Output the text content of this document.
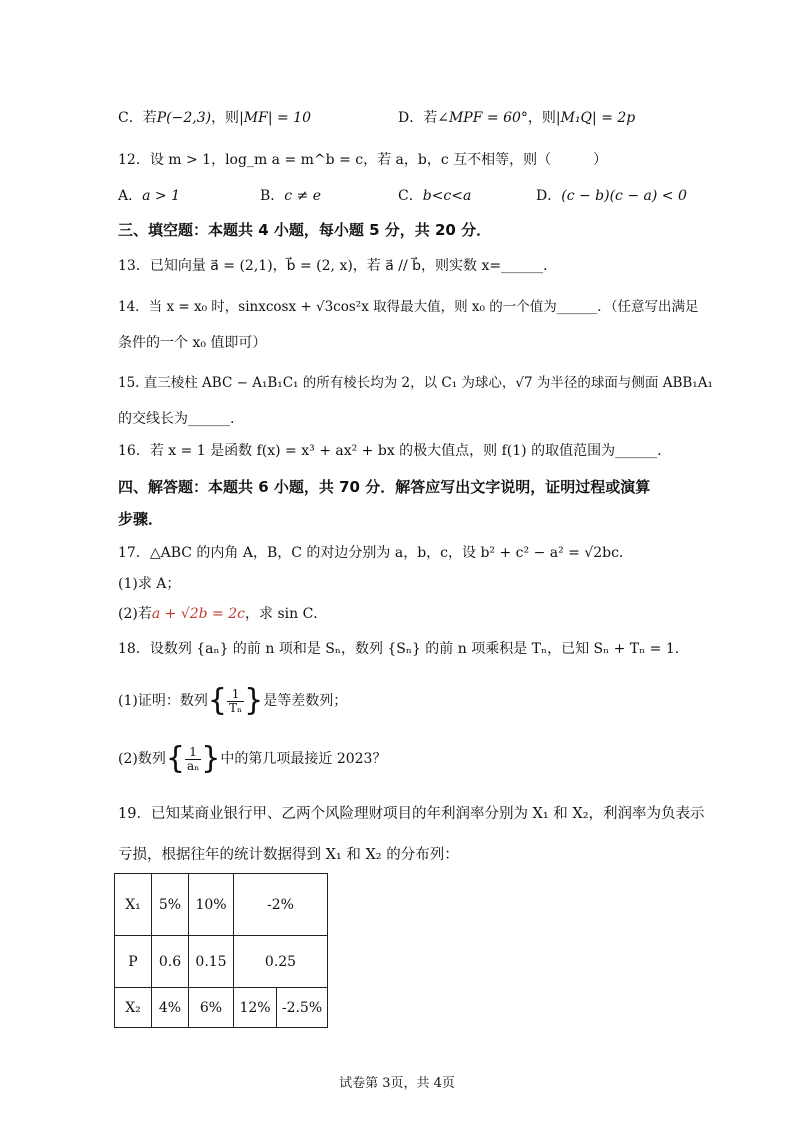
C．若P(−2,3)，则|MF| = 10	D．若∠MPF = 60°，则|M₁Q| = 2p
12．设 m > 1，log_m a = m^b = c，若 a，b，c 互不相等，则（　　　）
A．a > 1	B．c ≠ e	C．b<c<a	D．(c − b)(c − a) < 0
三、填空题：本题共 4 小题，每小题 5 分，共 20 分．
13．已知向量 a⃗ = (2,1)，b⃗ = (2, x)，若 a⃗ // b⃗，则实数 x=______．
14．当 x = x₀ 时，sinxcosx + √3cos²x 取得最大值，则 x₀ 的一个值为______．（任意写出满足
条件的一个 x₀ 值即可）
15. 直三棱柱 ABC − A₁B₁C₁ 的所有棱长均为 2，以 C₁ 为球心，√7 为半径的球面与侧面 ABB₁A₁
的交线长为______.
16．若 x = 1 是函数 f(x) = x³ + ax² + bx 的极大值点，则 f(1) 的取值范围为______.
四、解答题：本题共 6 小题，共 70 分．解答应写出文字说明，证明过程或演算
步骤．
17．△ABC 的内角 A，B，C 的对边分别为 a，b，c，设 b² + c² − a² = √2bc．
(1)求 A；
(2)若a + √2b = 2c，求 sin C．
18．设数列 {aₙ} 的前 n 项和是 Sₙ，数列 {Sₙ} 的前 n 项乘积是 Tₙ，已知 Sₙ + Tₙ = 1．
(1)证明：数列{ $\frac{1}{\text{Tₙ}}$ }是等差数列；
(2)数列{ $\frac{1}{\text{aₙ}}$ }中的第几项最接近 2023？
19．已知某商业银行甲、乙两个风险理财项目的年利润率分别为 X₁ 和 X₂，利润率为负表示
亏损，根据往年的统计数据得到 X₁ 和 X₂ 的分布列：
X₁	5%	10%	-2%	
P	0.6	0.15	0.25	
X₂	4%	6%	12%	-2.5%
试卷第 3页，共 4页
